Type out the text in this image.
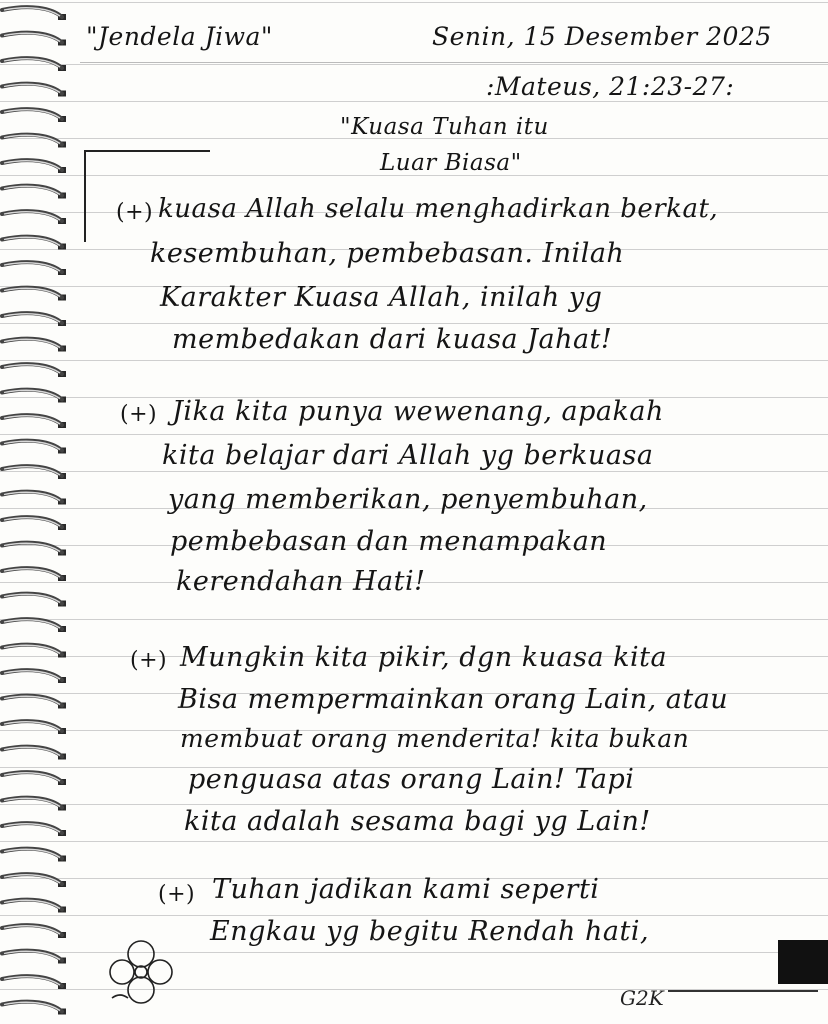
"Jendela Jiwa"	Senin, 15 Desember 2025
:Mateus, 21:23-27:
"Kuasa Tuhan itu
Luar Biasa"
(+) kuasa Allah selalu menghadirkan berkat,
kesembuhan, pembebasan. Inilah
Karakter Kuasa Allah, inilah yg
membedakan dari kuasa Jahat!
(+) Jika kita punya wewenang, apakah
kita belajar dari Allah yg berkuasa
yang memberikan, penyembuhan,
pembebasan dan menampakan
kerendahan Hati!
(+) Mungkin kita pikir, dgn kuasa kita
Bisa mempermainkan orang Lain, atau
membuat orang menderita! kita bukan
penguasa atas orang Lain! Tapi
kita adalah sesama bagi yg Lain!
(+) Tuhan jadikan kami seperti
Engkau yg begitu Rendah hati,
G2K
